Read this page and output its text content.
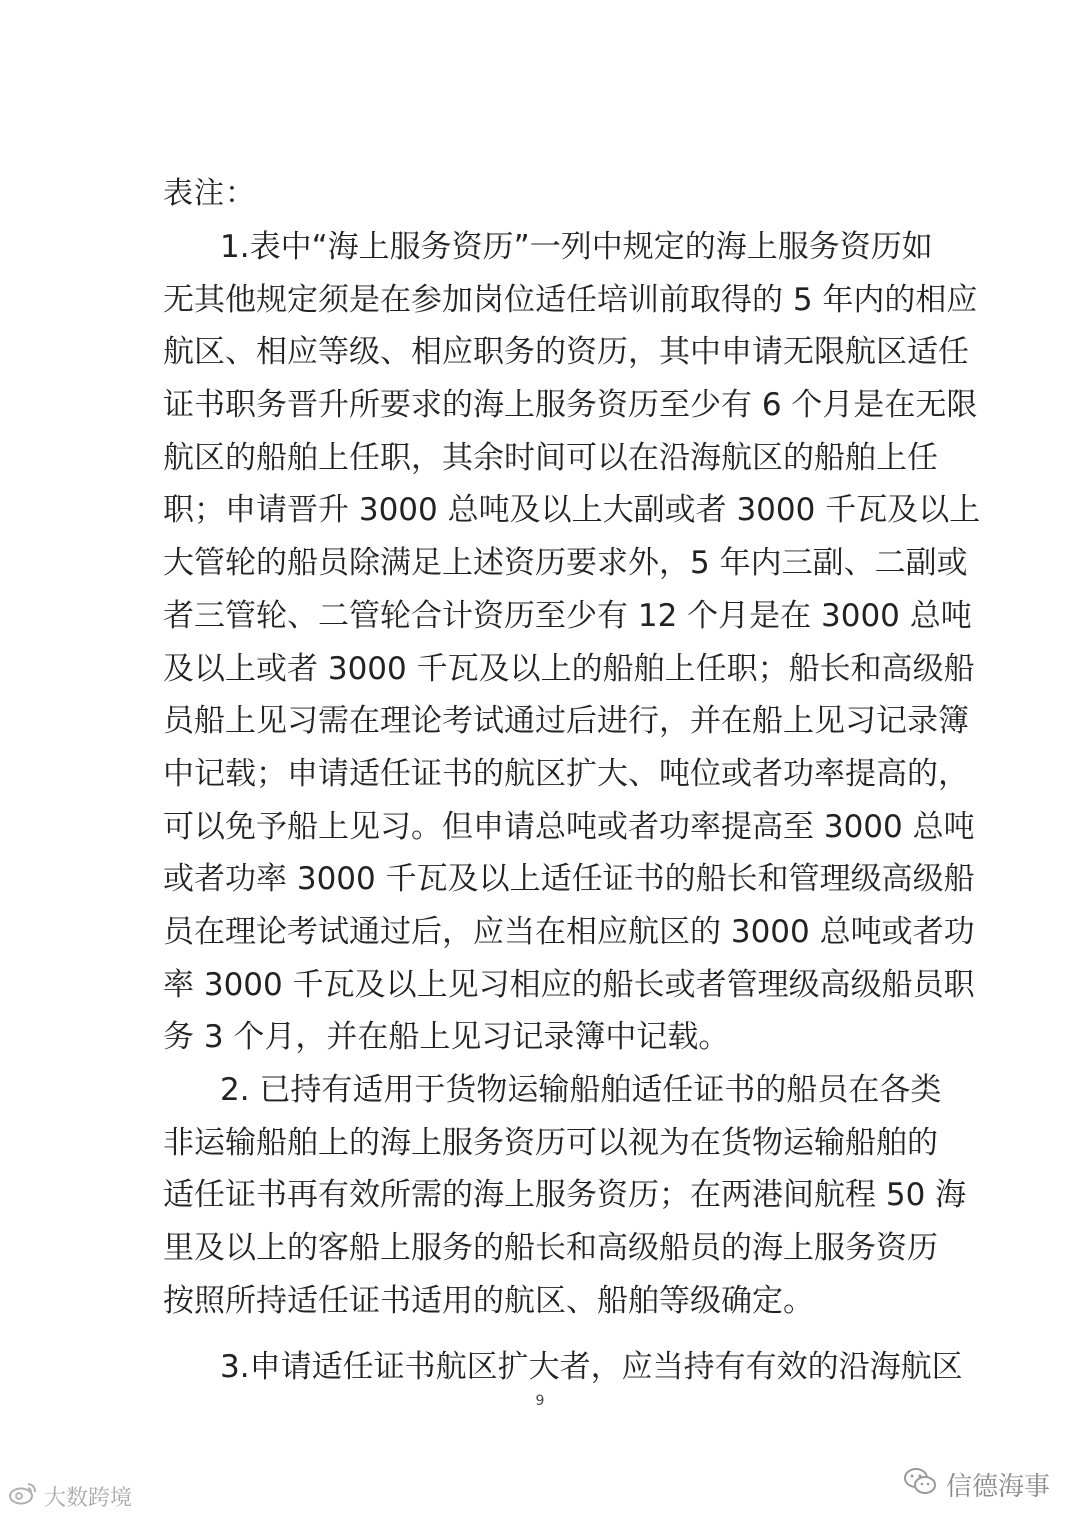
表注：
1.表中“海上服务资历”一列中规定的海上服务资历如
无其他规定须是在参加岗位适任培训前取得的 5 年内的相应
航区、相应等级、相应职务的资历，其中申请无限航区适任
证书职务晋升所要求的海上服务资历至少有 6 个月是在无限
航区的船舶上任职，其余时间可以在沿海航区的船舶上任
职；申请晋升 3000 总吨及以上大副或者 3000 千瓦及以上
大管轮的船员除满足上述资历要求外，5 年内三副、二副或
者三管轮、二管轮合计资历至少有 12 个月是在 3000 总吨
及以上或者 3000 千瓦及以上的船舶上任职；船长和高级船
员船上见习需在理论考试通过后进行，并在船上见习记录簿
中记载；申请适任证书的航区扩大、吨位或者功率提高的，
可以免予船上见习。但申请总吨或者功率提高至 3000 总吨
或者功率 3000 千瓦及以上适任证书的船长和管理级高级船
员在理论考试通过后，应当在相应航区的 3000 总吨或者功
率 3000 千瓦及以上见习相应的船长或者管理级高级船员职
务 3 个月，并在船上见习记录簿中记载。
2. 已持有适用于货物运输船舶适任证书的船员在各类
非运输船舶上的海上服务资历可以视为在货物运输船舶的
适任证书再有效所需的海上服务资历；在两港间航程 50 海
里及以上的客船上服务的船长和高级船员的海上服务资历
按照所持适任证书适用的航区、船舶等级确定。
3.申请适任证书航区扩大者，应当持有有效的沿海航区
9
大数跨境	信德海事
